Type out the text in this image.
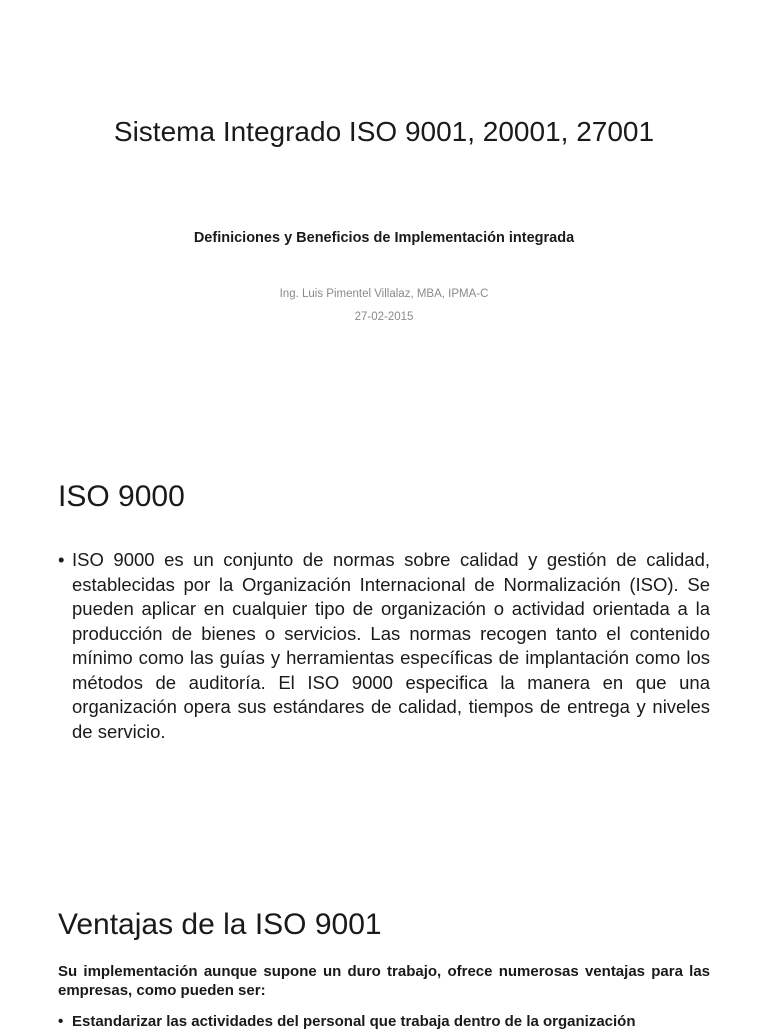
Sistema Integrado ISO 9001, 20001, 27001

Definiciones y Beneficios de Implementación integrada

Ing. Luis Pimentel Villalaz, MBA, IPMA-C

27-02-2015

ISO 9000
• ISO 9000 es un conjunto de normas sobre calidad y gestión de calidad, establecidas por la Organización Internacional de Normalización (ISO). Se pueden aplicar en cualquier tipo de organización o actividad orientada a la producción de bienes o servicios. Las normas recogen tanto el contenido mínimo como las guías y herramientas específicas de implantación como los métodos de auditoría. El ISO 9000 especifica la manera en que una organización opera sus estándares de calidad, tiempos de entrega y niveles de servicio.
Ventajas de la ISO 9001

Su implementación aunque supone un duro trabajo, ofrece numerosas ventajas para las empresas, como pueden ser:

• Estandarizar las actividades del personal que trabaja dentro de la organización
